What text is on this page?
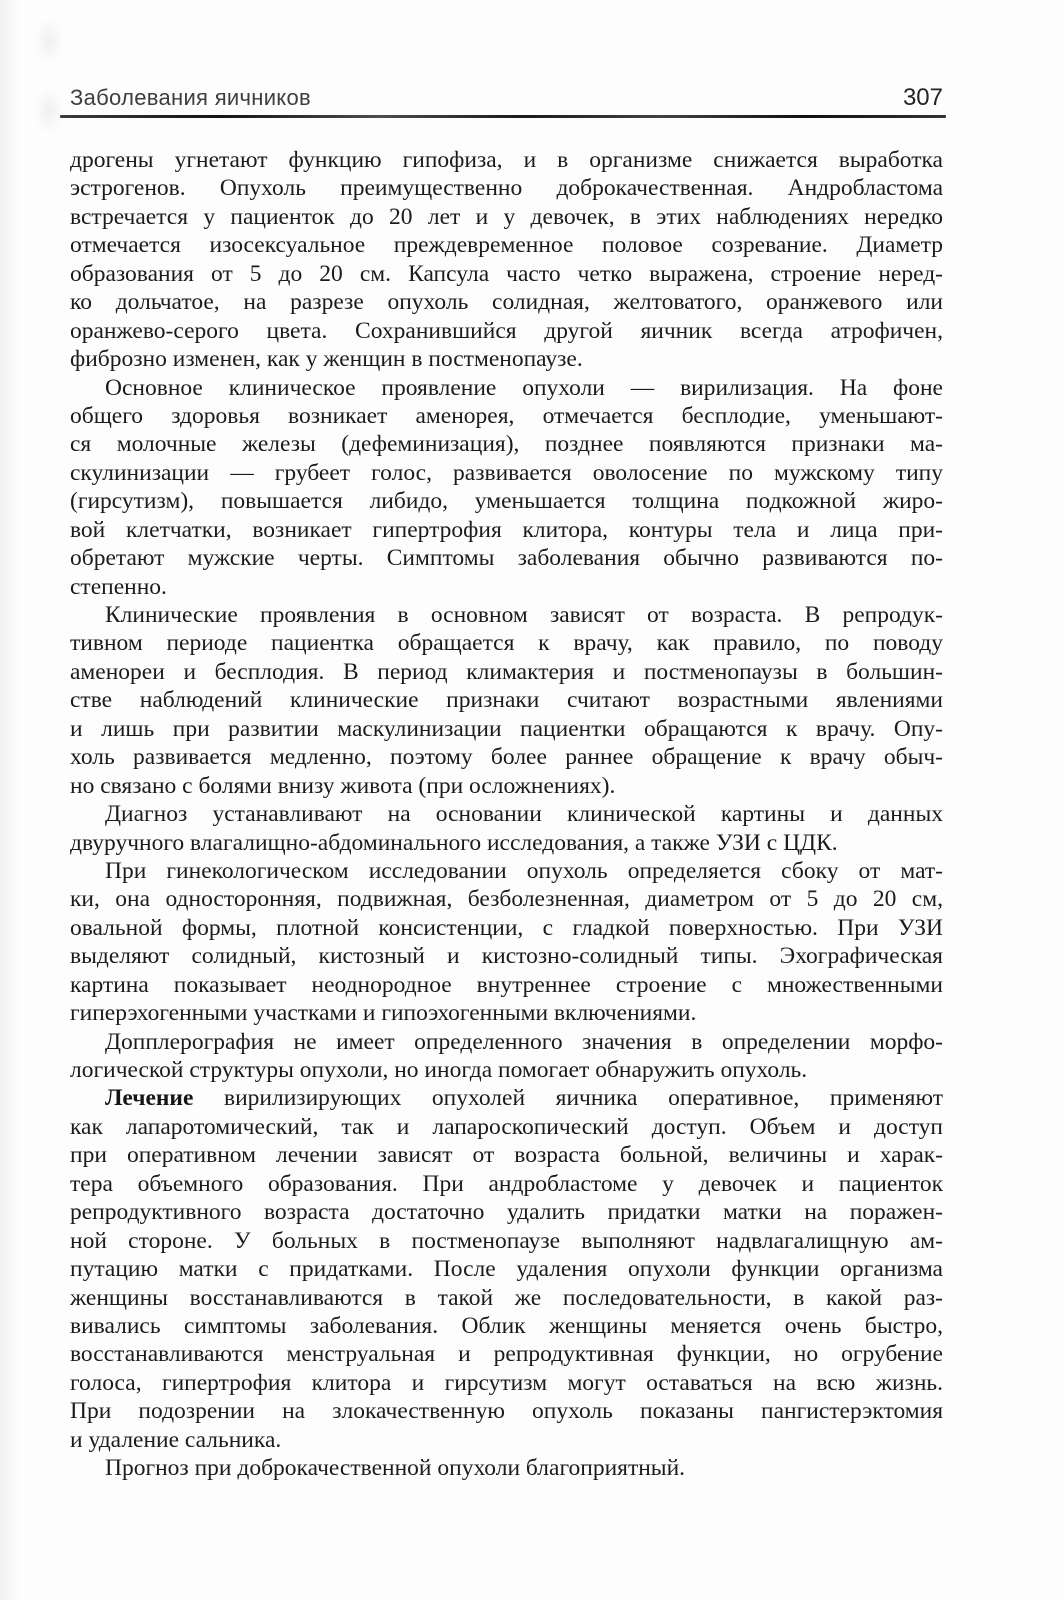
Заболевания яичников	307
дрогены угнетают функцию гипофиза, и в организме снижается выработка
эстрогенов. Опухоль преимущественно доброкачественная. Андробластома
встречается у пациенток до 20 лет и у девочек, в этих наблюдениях нередко
отмечается изосексуальное преждевременное половое созревание. Диаметр
образования от 5 до 20 см. Капсула часто четко выражена, строение неред-
ко дольчатое, на разрезе опухоль солидная, желтоватого, оранжевого или
оранжево-серого цвета. Сохранившийся другой яичник всегда атрофичен,
фиброзно изменен, как у женщин в постменопаузе.
Основное клиническое проявление опухоли — вирилизация. На фоне
общего здоровья возникает аменорея, отмечается бесплодие, уменьшают-
ся молочные железы (дефеминизация), позднее появляются признаки ма-
скулинизации — грубеет голос, развивается оволосение по мужскому типу
(гирсутизм), повышается либидо, уменьшается толщина подкожной жиро-
вой клетчатки, возникает гипертрофия клитора, контуры тела и лица при-
обретают мужские черты. Симптомы заболевания обычно развиваются по-
степенно.
Клинические проявления в основном зависят от возраста. В репродук-
тивном периоде пациентка обращается к врачу, как правило, по поводу
аменореи и бесплодия. В период климактерия и постменопаузы в большин-
стве наблюдений клинические признаки считают возрастными явлениями
и лишь при развитии маскулинизации пациентки обращаются к врачу. Опу-
холь развивается медленно, поэтому более раннее обращение к врачу обыч-
но связано с болями внизу живота (при осложнениях).
Диагноз устанавливают на основании клинической картины и данных
двуручного влагалищно-абдоминального исследования, а также УЗИ с ЦДК.
При гинекологическом исследовании опухоль определяется сбоку от мат-
ки, она односторонняя, подвижная, безболезненная, диаметром от 5 до 20 см,
овальной формы, плотной консистенции, с гладкой поверхностью. При УЗИ
выделяют солидный, кистозный и кистозно-солидный типы. Эхографическая
картина показывает неоднородное внутреннее строение с множественными
гиперэхогенными участками и гипоэхогенными включениями.
Допплерография не имеет определенного значения в определении морфо-
логической структуры опухоли, но иногда помогает обнаружить опухоль.
Лечение вирилизирующих опухолей яичника оперативное, применяют
как лапаротомический, так и лапароскопический доступ. Объем и доступ
при оперативном лечении зависят от возраста больной, величины и харак-
тера объемного образования. При андробластоме у девочек и пациенток
репродуктивного возраста достаточно удалить придатки матки на поражен-
ной стороне. У больных в постменопаузе выполняют надвлагалищную ам-
путацию матки с придатками. После удаления опухоли функции организма
женщины восстанавливаются в такой же последовательности, в какой раз-
вивались симптомы заболевания. Облик женщины меняется очень быстро,
восстанавливаются менструальная и репродуктивная функции, но огрубение
голоса, гипертрофия клитора и гирсутизм могут оставаться на всю жизнь.
При подозрении на злокачественную опухоль показаны пангистерэктомия
и удаление сальника.
Прогноз при доброкачественной опухоли благоприятный.
